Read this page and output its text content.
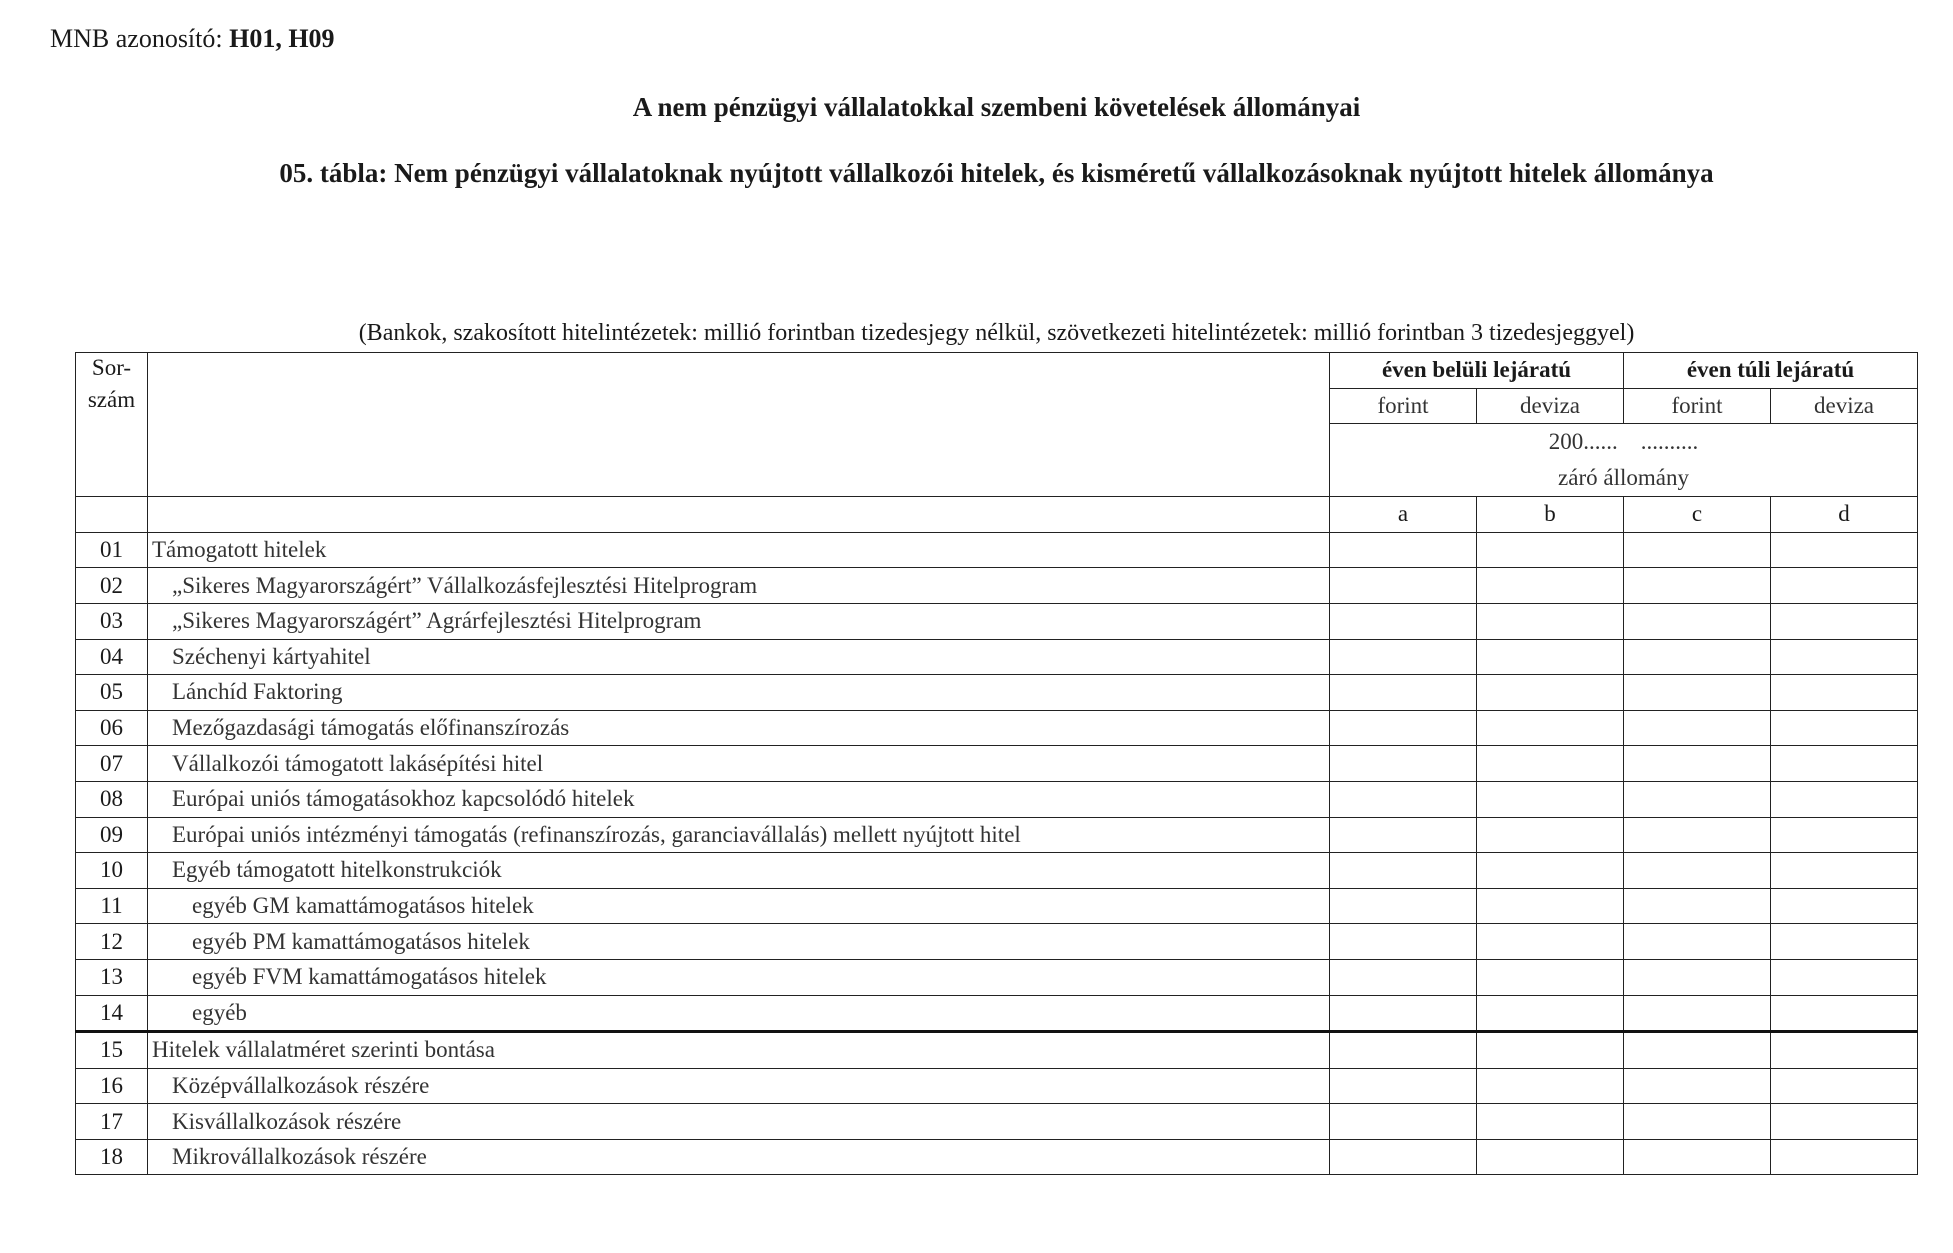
MNB azonosító: H01, H09
A nem pénzügyi vállalatokkal szembeni követelések állományai
05. tábla: Nem pénzügyi vállalatoknak nyújtott vállalkozói hitelek, és kisméretű vállalkozásoknak nyújtott hitelek állománya
(Bankok, szakosított hitelintézetek: millió forintban tizedesjegy nélkül, szövetkezeti hitelintézetek: millió forintban 3 tizedesjeggyel)
Sor-
szám		éven belüli lejáratú		éven túli lejáratú	
		forint	deviza	forint	deviza

		200......    ..........
záró állomány			

		a	b	c	d
01	Támogatott hitelek				
02	„Sikeres Magyarországért” Vállalkozásfejlesztési Hitelprogram				
03	„Sikeres Magyarországért” Agrárfejlesztési Hitelprogram				
04	Széchenyi kártyahitel				
05	Lánchíd Faktoring				
06	Mezőgazdasági támogatás előfinanszírozás				
07	Vállalkozói támogatott lakásépítési hitel				
08	Európai uniós támogatásokhoz kapcsolódó hitelek				
09	Európai uniós intézményi támogatás (refinanszírozás, garanciavállalás) mellett nyújtott hitel				
10	Egyéb támogatott hitelkonstrukciók				
11	egyéb GM kamattámogatásos hitelek				
12	egyéb PM kamattámogatásos hitelek				
13	egyéb FVM kamattámogatásos hitelek				
14	egyéb				
15	Hitelek vállalatméret szerinti bontása				
16	Középvállalkozások részére				
17	Kisvállalkozások részére				
18	Mikrovállalkozások részére				
